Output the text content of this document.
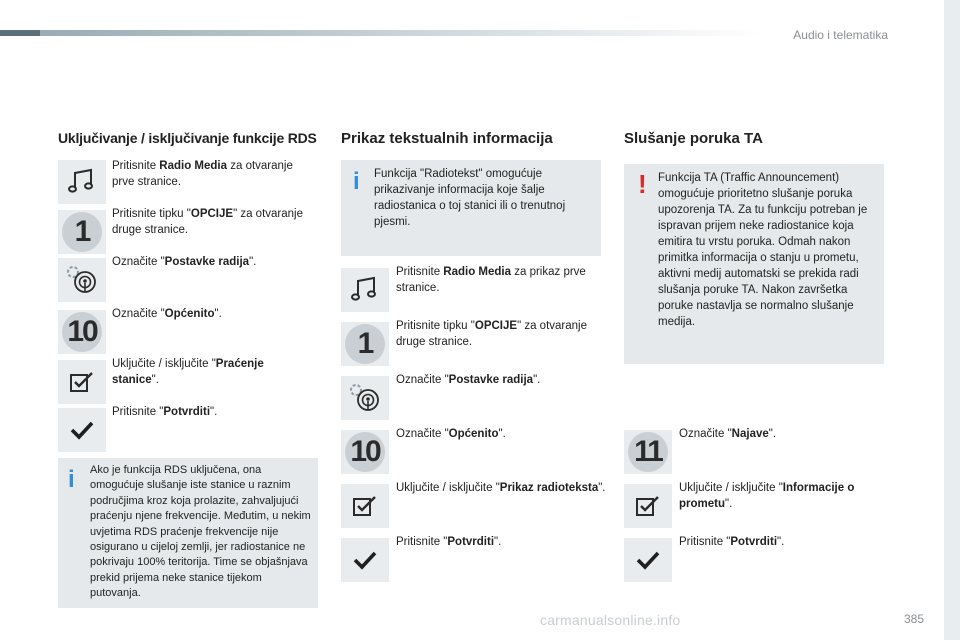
Audio i telematika
Uključivanje / isključivanje funkcije RDS Prikaz tekstualnih informacija	Slušanje poruka TA
Pritisnite Radio Media za otvaranje prve stranice.
1
Pritisnite tipku "OPCIJE" za otvaranje druge stranice.
Označite "Postavke radija".
10
Označite "Općenito".
Uključite / isključite "Praćenje stanice".
Pritisnite "Potvrditi".
i Ako je funkcija RDS uključena, ona omogućuje slušanje iste stanice u raznim područjima kroz koja prolazite, zahvaljujući praćenju njene frekvencije. Međutim, u nekim uvjetima RDS praćenje frekvencije nije osigurano u cijeloj zemlji, jer radiostanice ne pokrivaju 100% teritorija. Time se objašnjava prekid prijema neke stanice tijekom putovanja.
i Funkcija "Radiotekst" omogućuje prikazivanje informacija koje šalje radiostanica o toj stanici ili o trenutnoj pjesmi.
Pritisnite Radio Media za prikaz prve stranice.
1
Pritisnite tipku "OPCIJE" za otvaranje druge stranice.
Označite "Postavke radija".
10
Označite "Općenito".
Uključite / isključite "Prikaz radioteksta".
Pritisnite "Potvrditi".
! Funkcija TA (Traffic Announcement) omogućuje prioritetno slušanje poruka upozorenja TA. Za tu funkciju potreban je ispravan prijem neke radiostanice koja emitira tu vrstu poruka. Odmah nakon primitka informacija o stanju u prometu, aktivni medij automatski se prekida radi slušanja poruke TA. Nakon završetka poruke nastavlja se normalno slušanje medija.
11
Označite "Najave".
Uključite / isključite "Informacije o prometu".
Pritisnite "Potvrditi".
carmanualsonline.info	385
